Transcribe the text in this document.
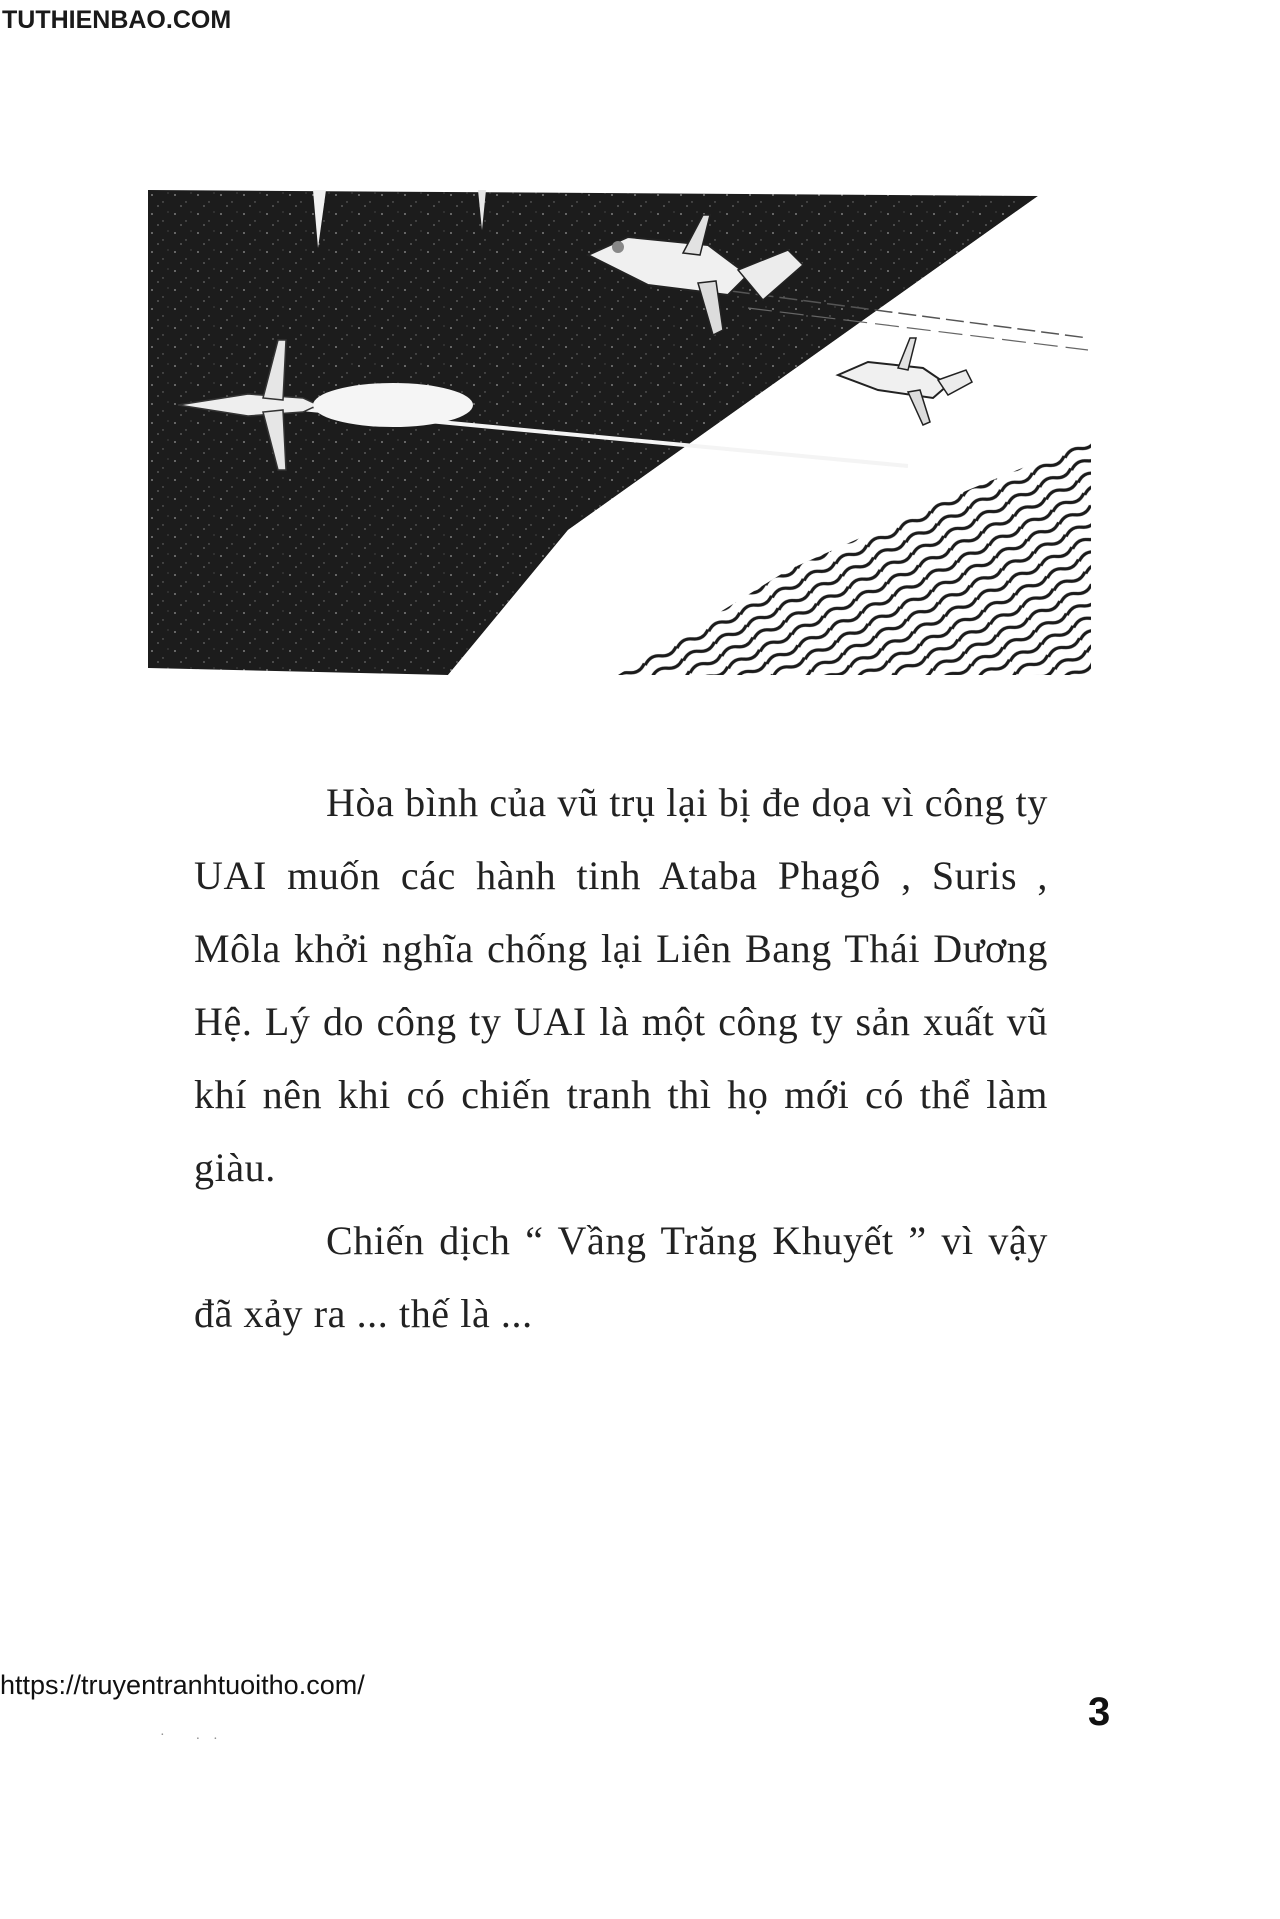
TUTHIENBAO.COM

Hòa bình của vũ trụ lại bị đe dọa vì công ty UAI muốn các hành tinh Ataba Phagô , Suris , Môla khởi nghĩa chống lại Liên Bang Thái Dương Hệ. Lý do công ty UAI là một công ty sản xuất vũ khí nên khi có chiến tranh thì họ mới có thể làm giàu.

Chiến dịch “ Vầng Trăng Khuyết ” vì vậy đã xảy ra ... thế là ...

https://truyentranhtuoitho.com/
· ..
3
